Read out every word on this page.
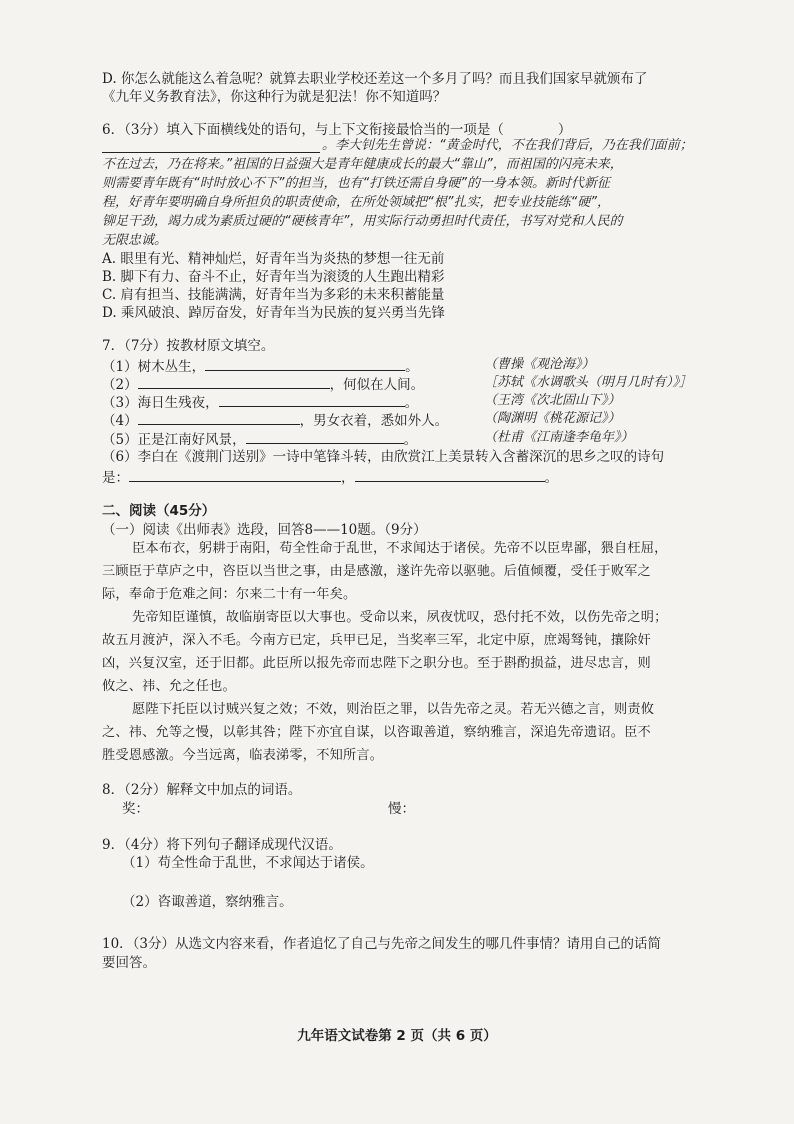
D. 你怎么就能这么着急呢？就算去职业学校还差这一个多月了吗？而且我们国家早就颁布了
《九年义务教育法》，你这种行为就是犯法！你不知道吗？
6．（3分）填入下面横线处的语句，与上下文衔接最恰当的一项是（　　　　）
。李大钊先生曾说：“黄金时代，不在我们背后，乃在我们面前；
不在过去，乃在将来。”祖国的日益强大是青年健康成长的最大“靠山”，而祖国的闪亮未来，
则需要青年既有“时时放心不下”的担当，也有“打铁还需自身硬”的一身本领。新时代新征
程，好青年要明确自身所担负的职责使命，在所处领域把“根”扎实，把专业技能练“硬”，
铆足干劲，竭力成为素质过硬的“硬核青年”，用实际行动勇担时代责任，书写对党和人民的
无限忠诚。
A. 眼里有光、精神灿烂，好青年当为炎热的梦想一往无前
B. 脚下有力、奋斗不止，好青年当为滚烫的人生跑出精彩
C. 肩有担当、技能满满，好青年当为多彩的未来积蓄能量
D. 乘风破浪、踔厉奋发，好青年当为民族的复兴勇当先锋
7．（7分）按教材原文填空。
（1）树木丛生，	。	（曹操《观沧海》）
（2）	，何似在人间。	［苏轼《水调歌头（明月几时有）》］
（3）海日生残夜，	。	（王湾《次北固山下》）
（4）	，男女衣着，悉如外人。	（陶渊明《桃花源记》）
（5）正是江南好风景，	。	（杜甫《江南逢李龟年》）
（6）李白在《渡荆门送别》一诗中笔锋斗转，由欣赏江上美景转入含蓄深沉的思乡之叹的诗句
是：	，	。
二、阅读（45分）
（一）阅读《出师表》选段，回答8——10题。（9分）
臣本布衣，躬耕于南阳，苟全性命于乱世，不求闻达于诸侯。先帝不以臣卑鄙，猥自枉屈，
三顾臣于草庐之中，咨臣以当世之事，由是感激，遂许先帝以驱驰。后值倾覆，受任于败军之
际，奉命于危难之间：尔来二十有一年矣。
先帝知臣谨慎，故临崩寄臣以大事也。受命以来，夙夜忧叹，恐付托不效，以伤先帝之明；
故五月渡泸，深入不毛。今南方已定，兵甲已足，当奖率三军，北定中原，庶竭驽钝，攘除奸
凶，兴复汉室，还于旧都。此臣所以报先帝而忠陛下之职分也。至于斟酌损益，进尽忠言，则
攸之、祎、允之任也。
愿陛下托臣以讨贼兴复之效；不效，则治臣之罪，以告先帝之灵。若无兴德之言，则责攸
之、祎、允等之慢，以彰其咎；陛下亦宜自谋，以咨诹善道，察纳雅言，深追先帝遗诏。臣不
胜受恩感激。今当远离，临表涕零，不知所言。
8．（2分）解释文中加点的词语。
奖：	慢：
9．（4分）将下列句子翻译成现代汉语。
（1）苟全性命于乱世，不求闻达于诸侯。
（2）咨诹善道，察纳雅言。
10．（3分）从选文内容来看，作者追忆了自己与先帝之间发生的哪几件事情？请用自己的话简
要回答。
九年语文试卷第 2 页（共 6 页）
